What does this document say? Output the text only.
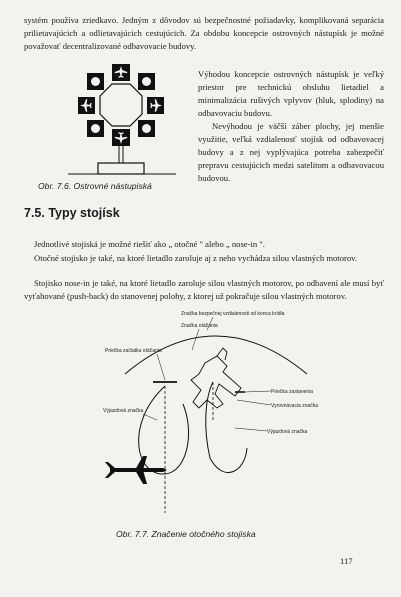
systém používa zriedkavo. Jedným z dôvodov sú bezpečnostné požiadavky, komplikovaná separácia prilietavajúcich a odlietavajúcich cestujúcich. Za obdobu koncepcie ostrovných nástupísk je možné považovať decentralizované odbavovacie budovy.

Obr. 7.6. Ostrovné nástupiská

Výhodou koncepcie ostrovných nástupísk je veľký priestor pre technickú obsluhu lietadiel a minimalizácia rušivých vplyvov (hluk, splodiny) na odbavovaciu budovu.

Nevýhodou je väčší záber plochy, jej menšie využitie, veľká vzdialenosť stojísk od odbavovacej budovy a z nej vyplývajúca potreba zabezpečiť prepravu cestujúcich medzi satelitom a odbavovacou budovou.

7.5. Typy stojísk

Jednotlivé stojiská je možné riešiť ako „ otočné " alebo „ nose-in ".

Otočné stojisko je také, na ktoré lietadlo zaroluje aj z neho vychádza silou vlastných motorov.

Stojisko nose-in je také, na ktoré lietadlo zaroluje silou vlastných motorov, po odbavení ale musí byť vyťahované (push-back) do stanovenej polohy, z ktorej už pokračuje silou vlastných motorov.

Značka bezpečnej vzdialenosti od konca krídla
Značka otáčania
Priečka začiatku otáčania
Priečka zastavenia
Vyrovnávacia značka
Výjazdová značka
Výjazdová značka
Obr. 7.7. Značenie otočného stojiska
117
